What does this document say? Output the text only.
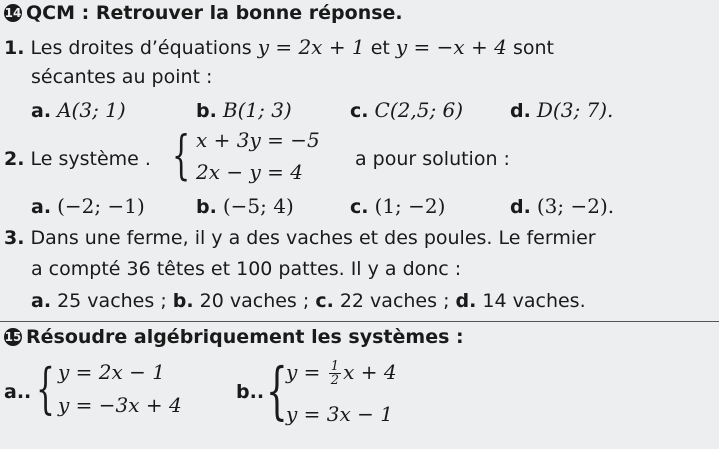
14 QCM : Retrouver la bonne réponse.
1. Les droites d’équations y = 2x + 1 et y = −x + 4 sont
sécantes au point :
a. A(3; 1)	b. B(1; 3)	c. C(2,5; 6) d. D(3; 7).
2. Le système . { x + 3y = −5
2x − y = 4
a pour solution :
a. (−2; −1)	b. (−5; 4)	c. (1; −2)	d. (3; −2).
3. Dans une ferme, il y a des vaches et des poules. Le fermier
a compté 36 têtes et 100 pattes. Il y a donc :
a. 25 vaches ; b. 20 vaches ; c. 22 vaches ; d. 14 vaches.
15 Résoudre algébriquement les systèmes :
a.. { y = 2x − 1
y = −3x + 4
b.. {
$y = \frac{1}{2}$ x + 4
y = 3x − 1
